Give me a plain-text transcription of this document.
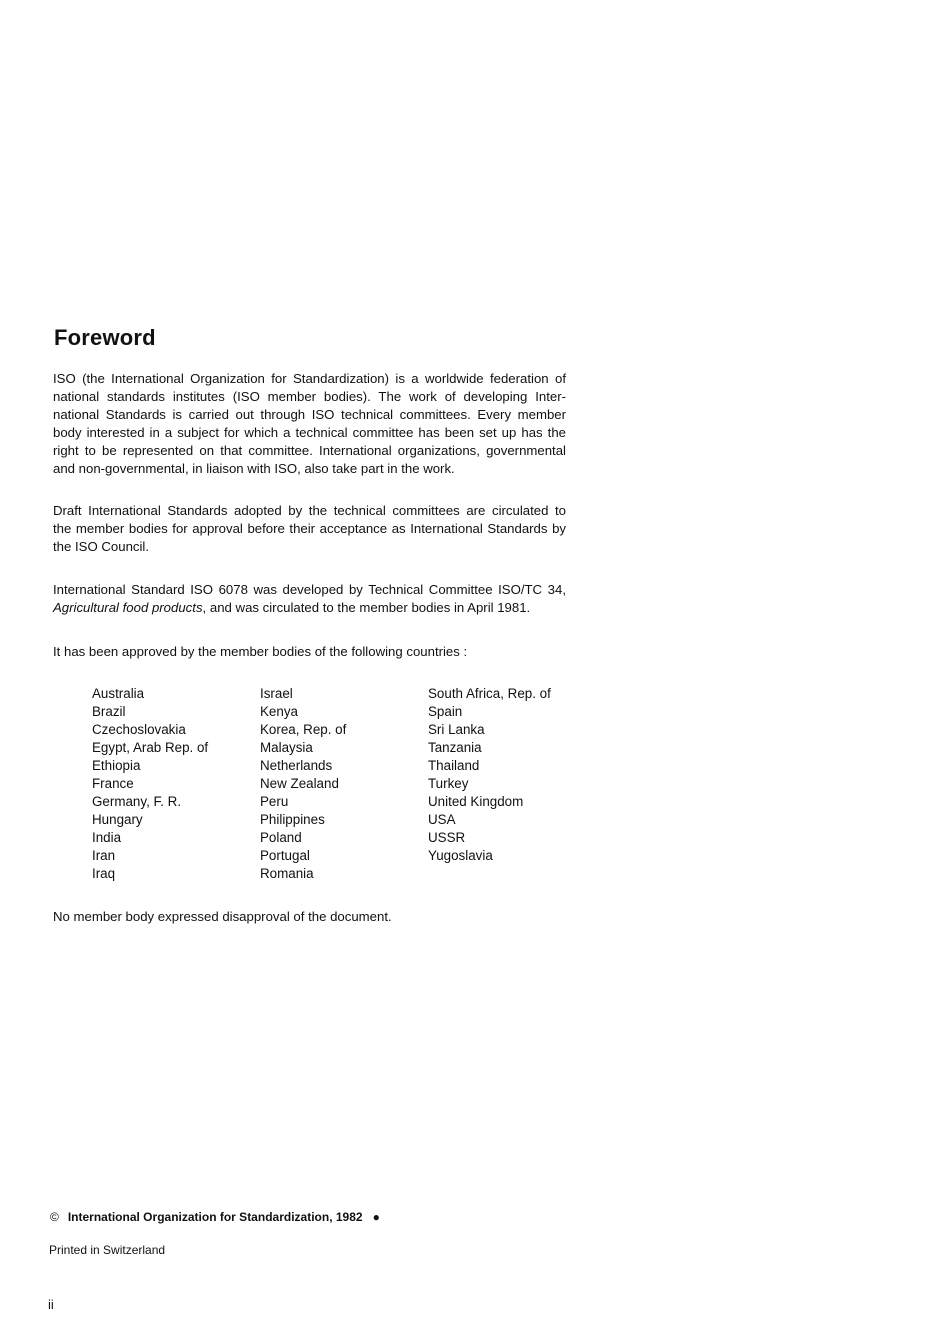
Foreword
ISO (the International Organization for Standardization) is a worldwide federation of
national standards institutes (ISO member bodies). The work of developing Inter-
national Standards is carried out through ISO technical committees. Every member
body interested in a subject for which a technical committee has been set up has the
right to be represented on that committee. International organizations, governmental
and non-governmental, in liaison with ISO, also take part in the work.
Draft International Standards adopted by the technical committees are circulated to
the member bodies for approval before their acceptance as International Standards by
the ISO Council.
International Standard ISO 6078 was developed by Technical Committee ISO/TC 34,
Agricultural food products, and was circulated to the member bodies in April 1981.
It has been approved by the member bodies of the following countries :
Australia
Brazil
Czechoslovakia
Egypt, Arab Rep. of
Ethiopia
France
Germany, F. R.
Hungary
India
Iran
Iraq
Israel
Kenya
Korea, Rep. of
Malaysia
Netherlands
New Zealand
Peru
Philippines
Poland
Portugal
Romania
South Africa, Rep. of
Spain
Sri Lanka
Tanzania
Thailand
Turkey
United Kingdom
USA
USSR
Yugoslavia
No member body expressed disapproval of the document.
© International Organization for Standardization, 1982 ●
Printed in Switzerland
ii
